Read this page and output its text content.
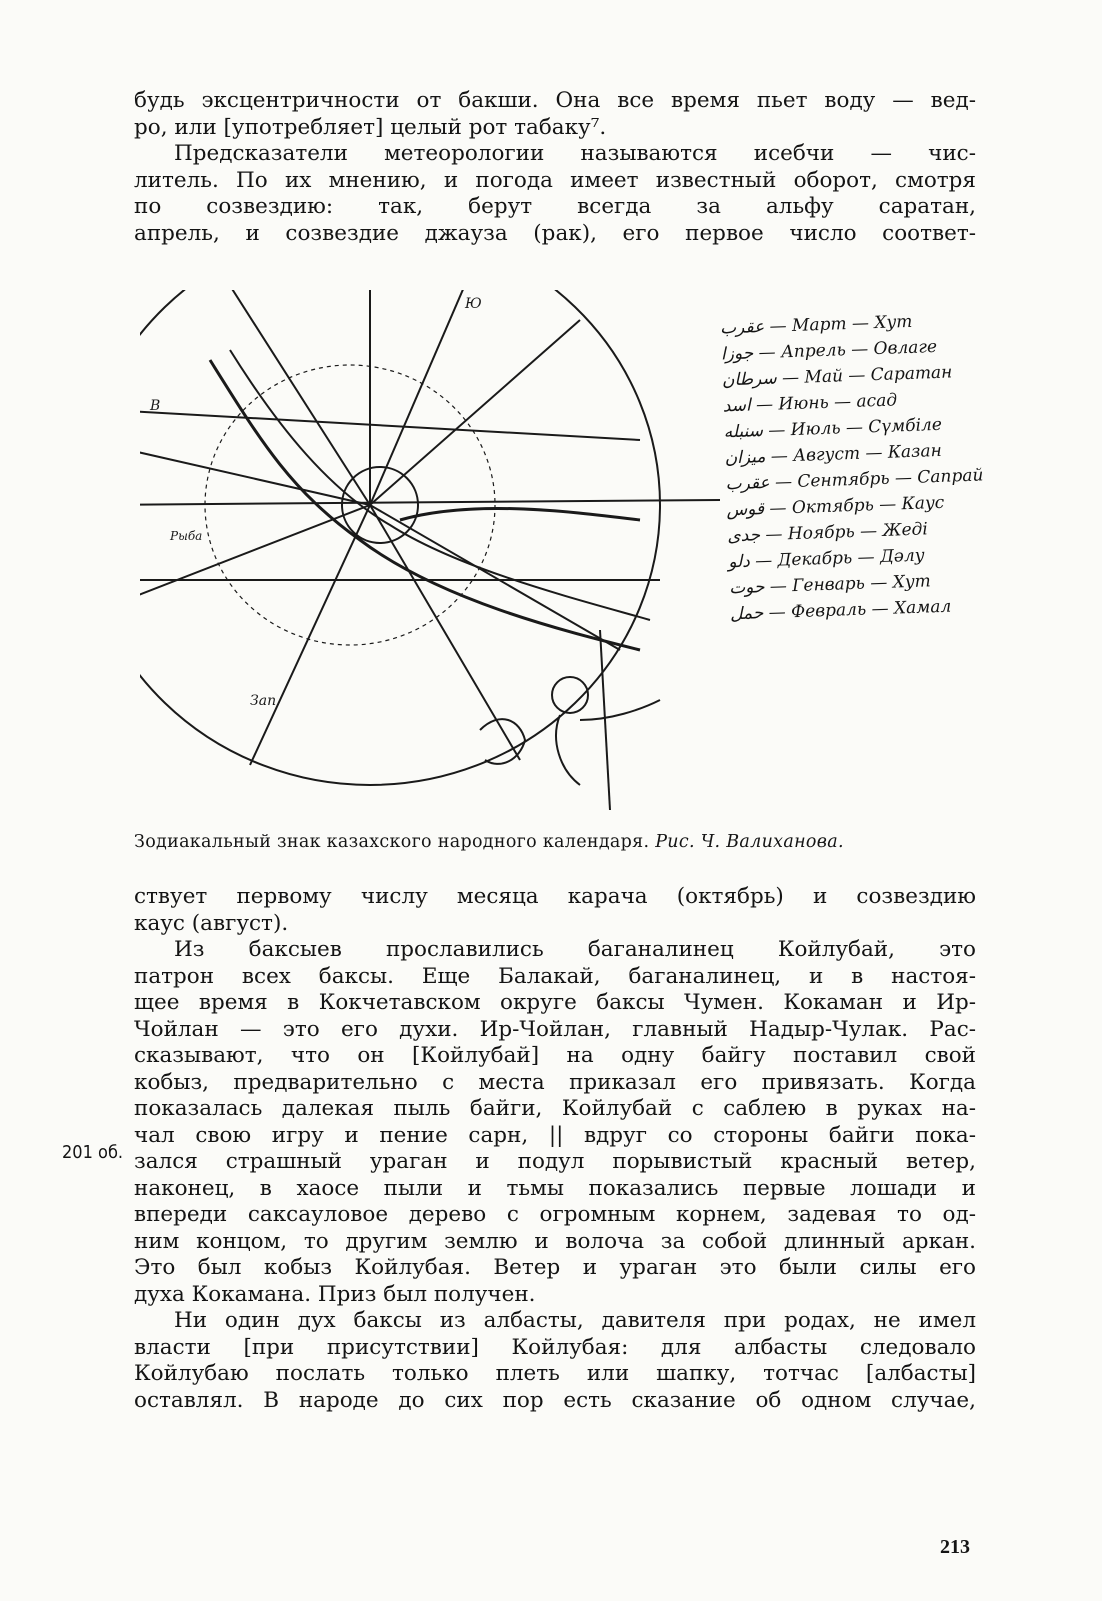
будь эксцентричности от бакши. Она все время пьет воду — вед-
ро, или [употребляет] целый рот табаку⁷.
Предсказатели метеорологии называются исебчи — чис-
литель. По их мнению, и погода имеет известный оборот, смотря
по созвездию: так, берут всегда за альфу саратан,
апрель, и созвездие джауза (рак), его первое число соответ-
Ю
В
Зап
Рыба
عقرب — Март — Хут
جوزا — Апрель — Овлаге
سرطان — Май — Саратан
اسد — Июнь — асад
سنبله — Июль — Сүмбіле
میزان — Август — Казан
عقرب — Сентябрь — Сапрай
قوس — Октябрь — Каус
جدی — Ноябрь — Жеді
دلو — Декабрь — Дәлу
حوت — Генварь — Хут
حمل — Февраль — Хамал
Зодиакальный знак казахского народного календаря. Рис. Ч. Валиханова.
ствует первому числу месяца карача (октябрь) и созвездию
каус (август).
Из баксыев прославились баганалинец Койлубай, это
патрон всех баксы. Еще Балакай, баганалинец, и в настоя-
щее время в Кокчетавском округе баксы Чумен. Кокаман и Ир-
Чойлан — это его духи. Ир-Чойлан, главный Надыр-Чулак. Рас-
сказывают, что он [Койлубай] на одну байгу поставил свой
кобыз, предварительно с места приказал его привязать. Когда
показалась далекая пыль байги, Койлубай с саблею в руках на-
чал свою игру и пение сарн, || вдруг со стороны байги пока-
зался страшный ураган и подул порывистый красный ветер,
наконец, в хаосе пыли и тьмы показались первые лошади и
впереди саксауловое дерево с огромным корнем, задевая то од-
ним концом, то другим землю и волоча за собой длинный аркан.
Это был кобыз Койлубая. Ветер и ураган это были силы его
духа Кокамана. Приз был получен.
Ни один дух баксы из албасты, давителя при родах, не имел
власти [при присутствии] Койлубая: для албасты следовало
Койлубаю послать только плеть или шапку, тотчас [албасты]
оставлял. В народе до сих пор есть сказание об одном случае,
201 об.
213
